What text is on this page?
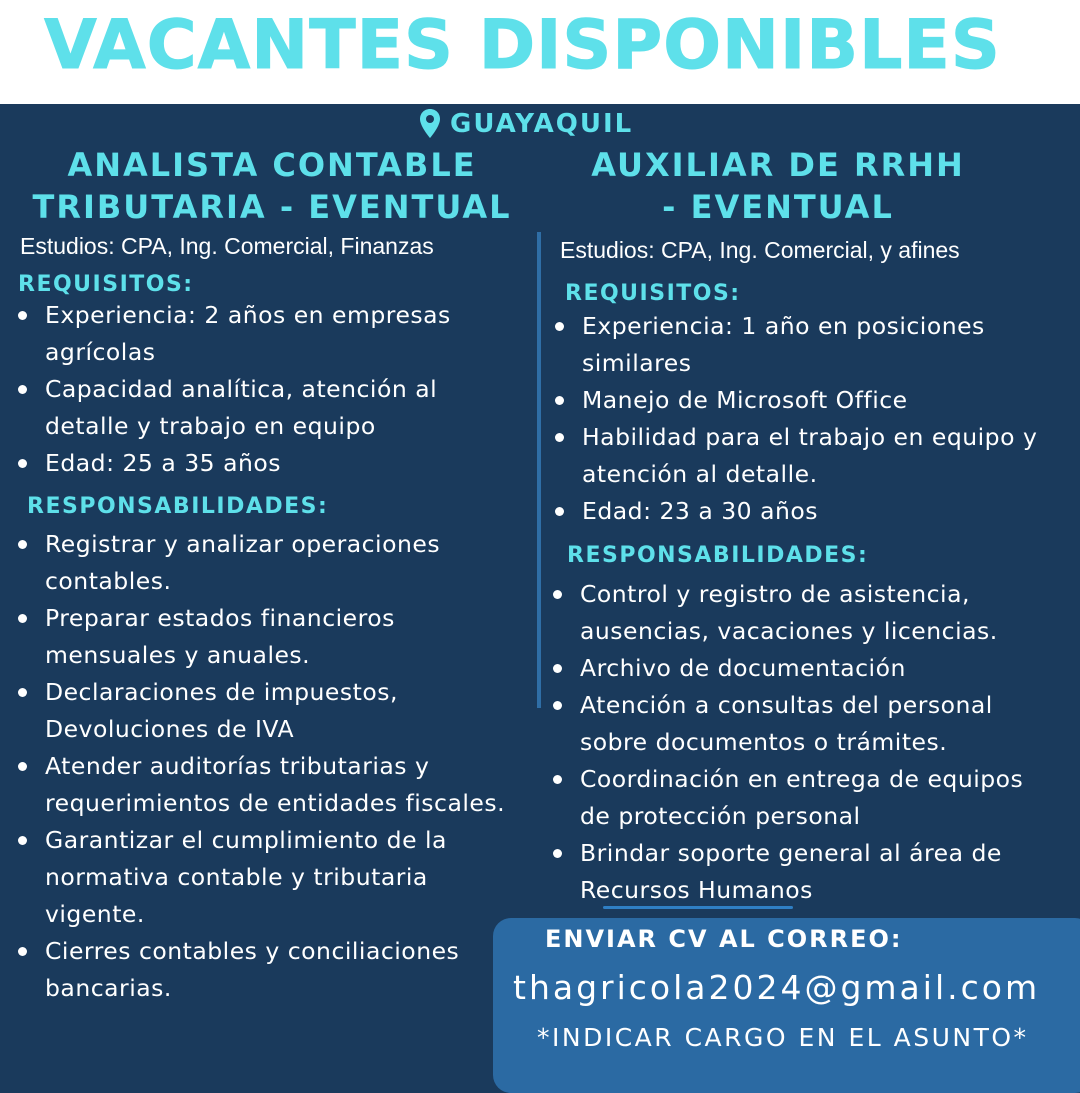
VACANTES DISPONIBLES
GUAYAQUIL
ANALISTA CONTABLE
TRIBUTARIA - EVENTUAL
Estudios: CPA, Ing. Comercial, Finanzas
REQUISITOS:
Experiencia: 2 años en empresas agrícolas
Capacidad analítica, atención al detalle y trabajo en equipo
Edad: 25 a 35 años
RESPONSABILIDADES:
Registrar y analizar operaciones contables.
Preparar estados financieros mensuales y anuales.
Declaraciones de impuestos, Devoluciones de IVA
Atender auditorías tributarias y requerimientos de entidades fiscales.
Garantizar el cumplimiento de la normativa contable y tributaria vigente.
Cierres contables y conciliaciones bancarias.
AUXILIAR DE RRHH
- EVENTUAL
Estudios: CPA, Ing. Comercial, y afines
REQUISITOS:
Experiencia: 1 año en posiciones similares
Manejo de Microsoft Office
Habilidad para el trabajo en equipo y atención al detalle.
Edad: 23 a 30 años
RESPONSABILIDADES:
Control y registro de asistencia, ausencias, vacaciones y licencias.
Archivo de documentación
Atención a consultas del personal sobre documentos o trámites.
Coordinación en entrega de equipos de protección personal
Brindar soporte general al área de Recursos Humanos
ENVIAR CV AL CORREO:
thagricola2024@gmail.com
*INDICAR CARGO EN EL ASUNTO*
